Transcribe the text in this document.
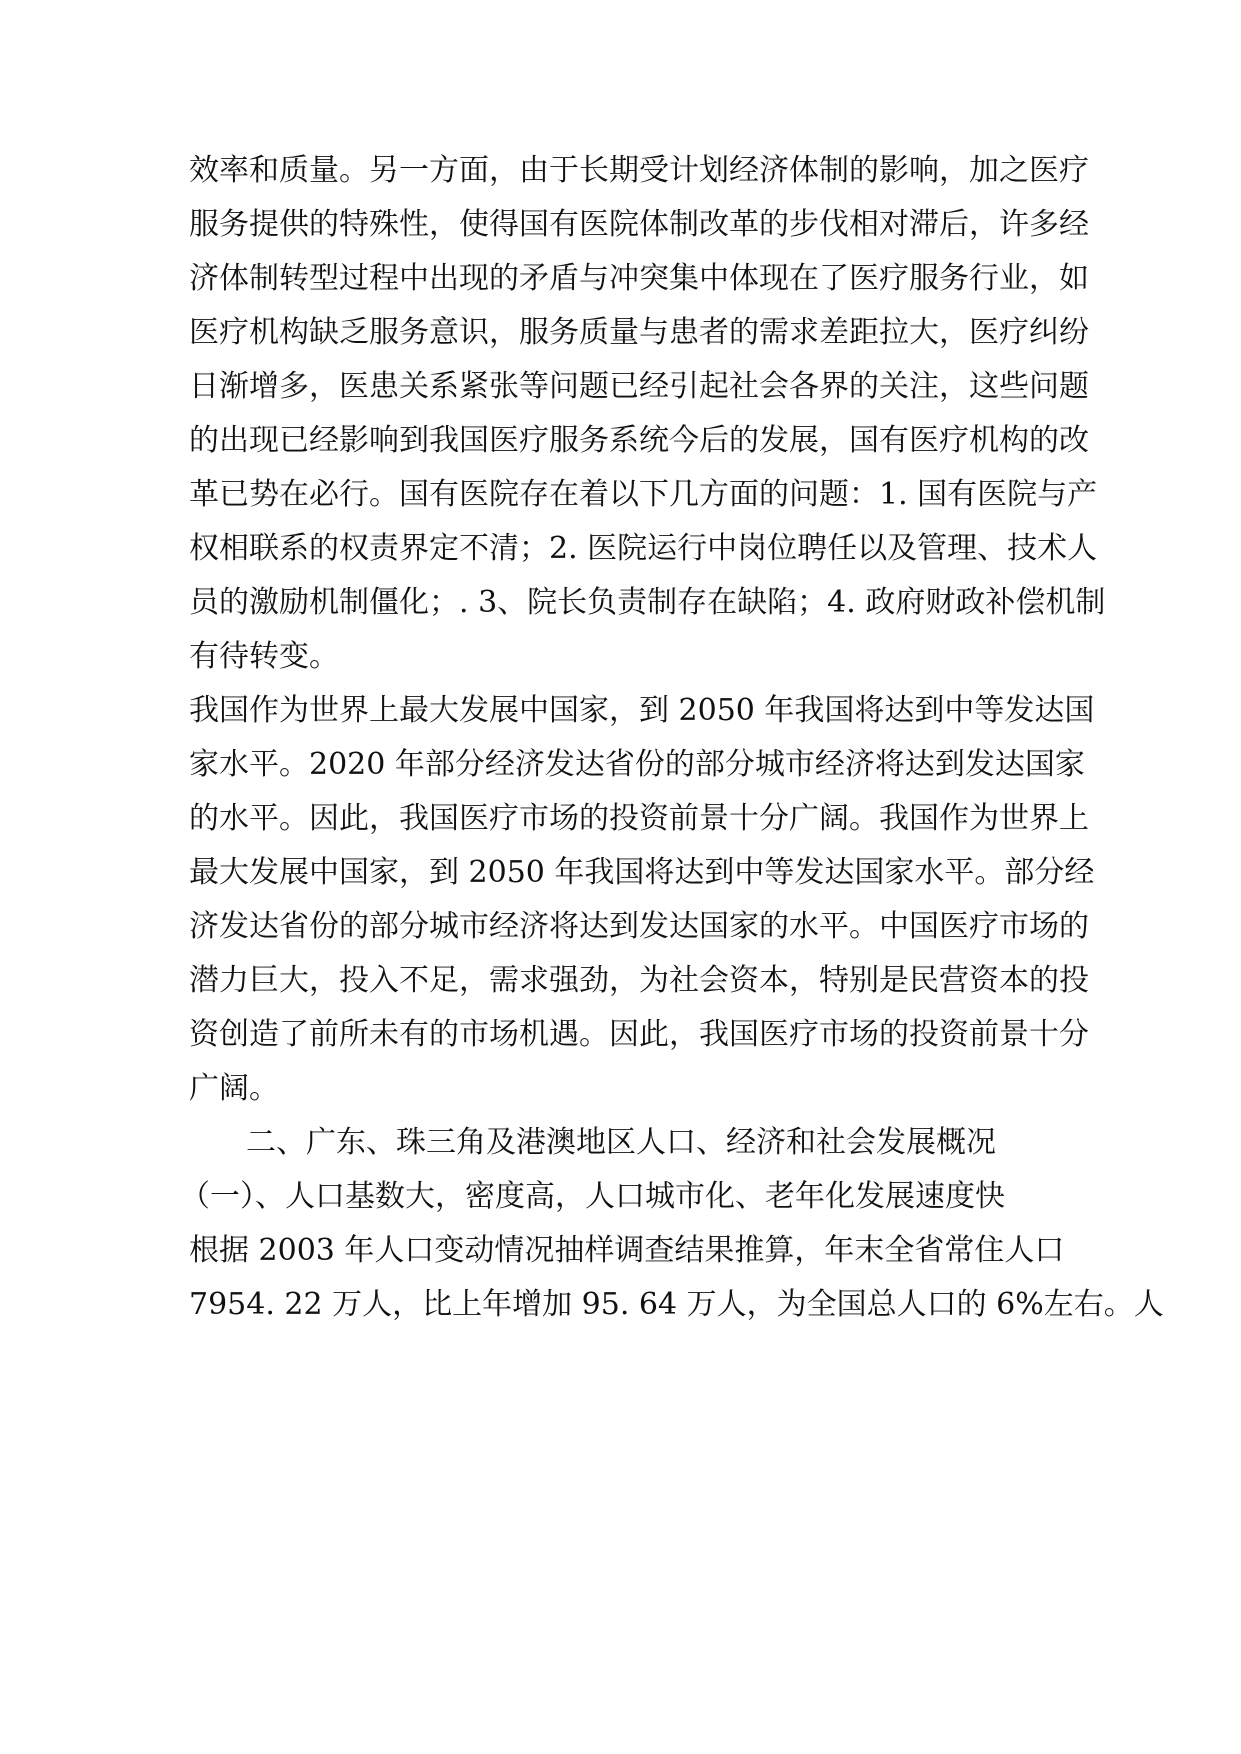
效率和质量。另一方面，由于长期受计划经济体制的影响，加之医疗
服务提供的特殊性，使得国有医院体制改革的步伐相对滞后，许多经
济体制转型过程中出现的矛盾与冲突集中体现在了医疗服务行业，如
医疗机构缺乏服务意识，服务质量与患者的需求差距拉大，医疗纠纷
日渐增多，医患关系紧张等问题已经引起社会各界的关注，这些问题
的出现已经影响到我国医疗服务系统今后的发展，国有医疗机构的改
革已势在必行。国有医院存在着以下几方面的问题：1. 国有医院与产
权相联系的权责界定不清；2. 医院运行中岗位聘任以及管理、技术人
员的激励机制僵化；. 3、院长负责制存在缺陷；4. 政府财政补偿机制
有待转变。
我国作为世界上最大发展中国家，到 2050 年我国将达到中等发达国
家水平。2020 年部分经济发达省份的部分城市经济将达到发达国家
的水平。因此，我国医疗市场的投资前景十分广阔。我国作为世界上
最大发展中国家，到 2050 年我国将达到中等发达国家水平。部分经
济发达省份的部分城市经济将达到发达国家的水平。中国医疗市场的
潜力巨大，投入不足，需求强劲，为社会资本，特别是民营资本的投
资创造了前所未有的市场机遇。因此，我国医疗市场的投资前景十分
广阔。
二、广东、珠三角及港澳地区人口、经济和社会发展概况
（一）、人口基数大，密度高，人口城市化、老年化发展速度快
根据 2003 年人口变动情况抽样调查结果推算，年末全省常住人口
7954. 22 万人，比上年增加 95. 64 万人，为全国总人口的 6%左右。人
